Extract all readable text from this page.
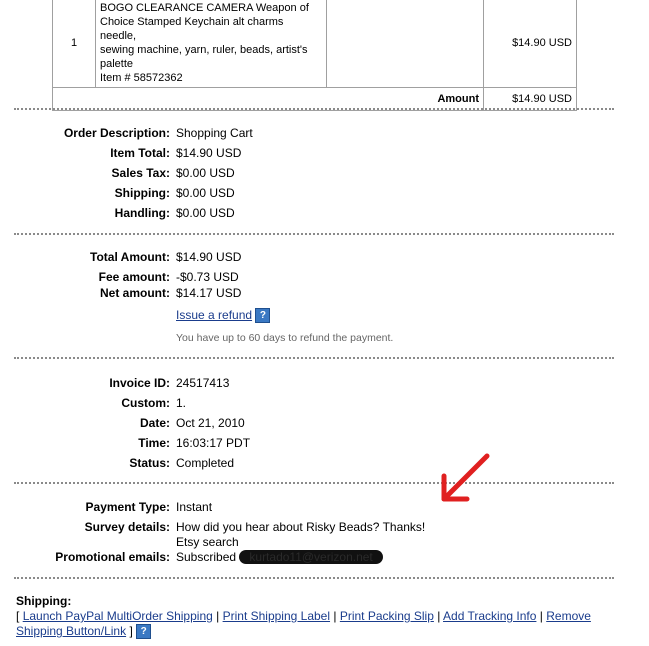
1	BOGO CLEARANCE CAMERA Weapon of
Choice Stamped Keychain alt charms needle,
sewing machine, yarn, ruler, beads, artist's
palette
Item # 58572362		$14.90 USD
Amount			$14.90 USD
Order Description: Shopping Cart
Item Total: $14.90 USD
Sales Tax: $0.00 USD
Shipping: $0.00 USD
Handling: $0.00 USD
Total Amount: $14.90 USD
Fee amount: -$0.73 USD
Net amount: $14.17 USD
Issue a refund ?
You have up to 60 days to refund the payment.
Invoice ID: 24517413
Custom: 1.
Date: Oct 21, 2010
Time: 16:03:17 PDT
Status: Completed
Payment Type: Instant
Survey details: How did you hear about Risky Beads? Thanks!
Etsy search
Promotional emails: Subscribed kurtado11@verizon.net
Shipping:
[ Launch PayPal MultiOrder Shipping | Print Shipping Label | Print Packing Slip | Add Tracking Info | Remove Shipping Button/Link ] ?
